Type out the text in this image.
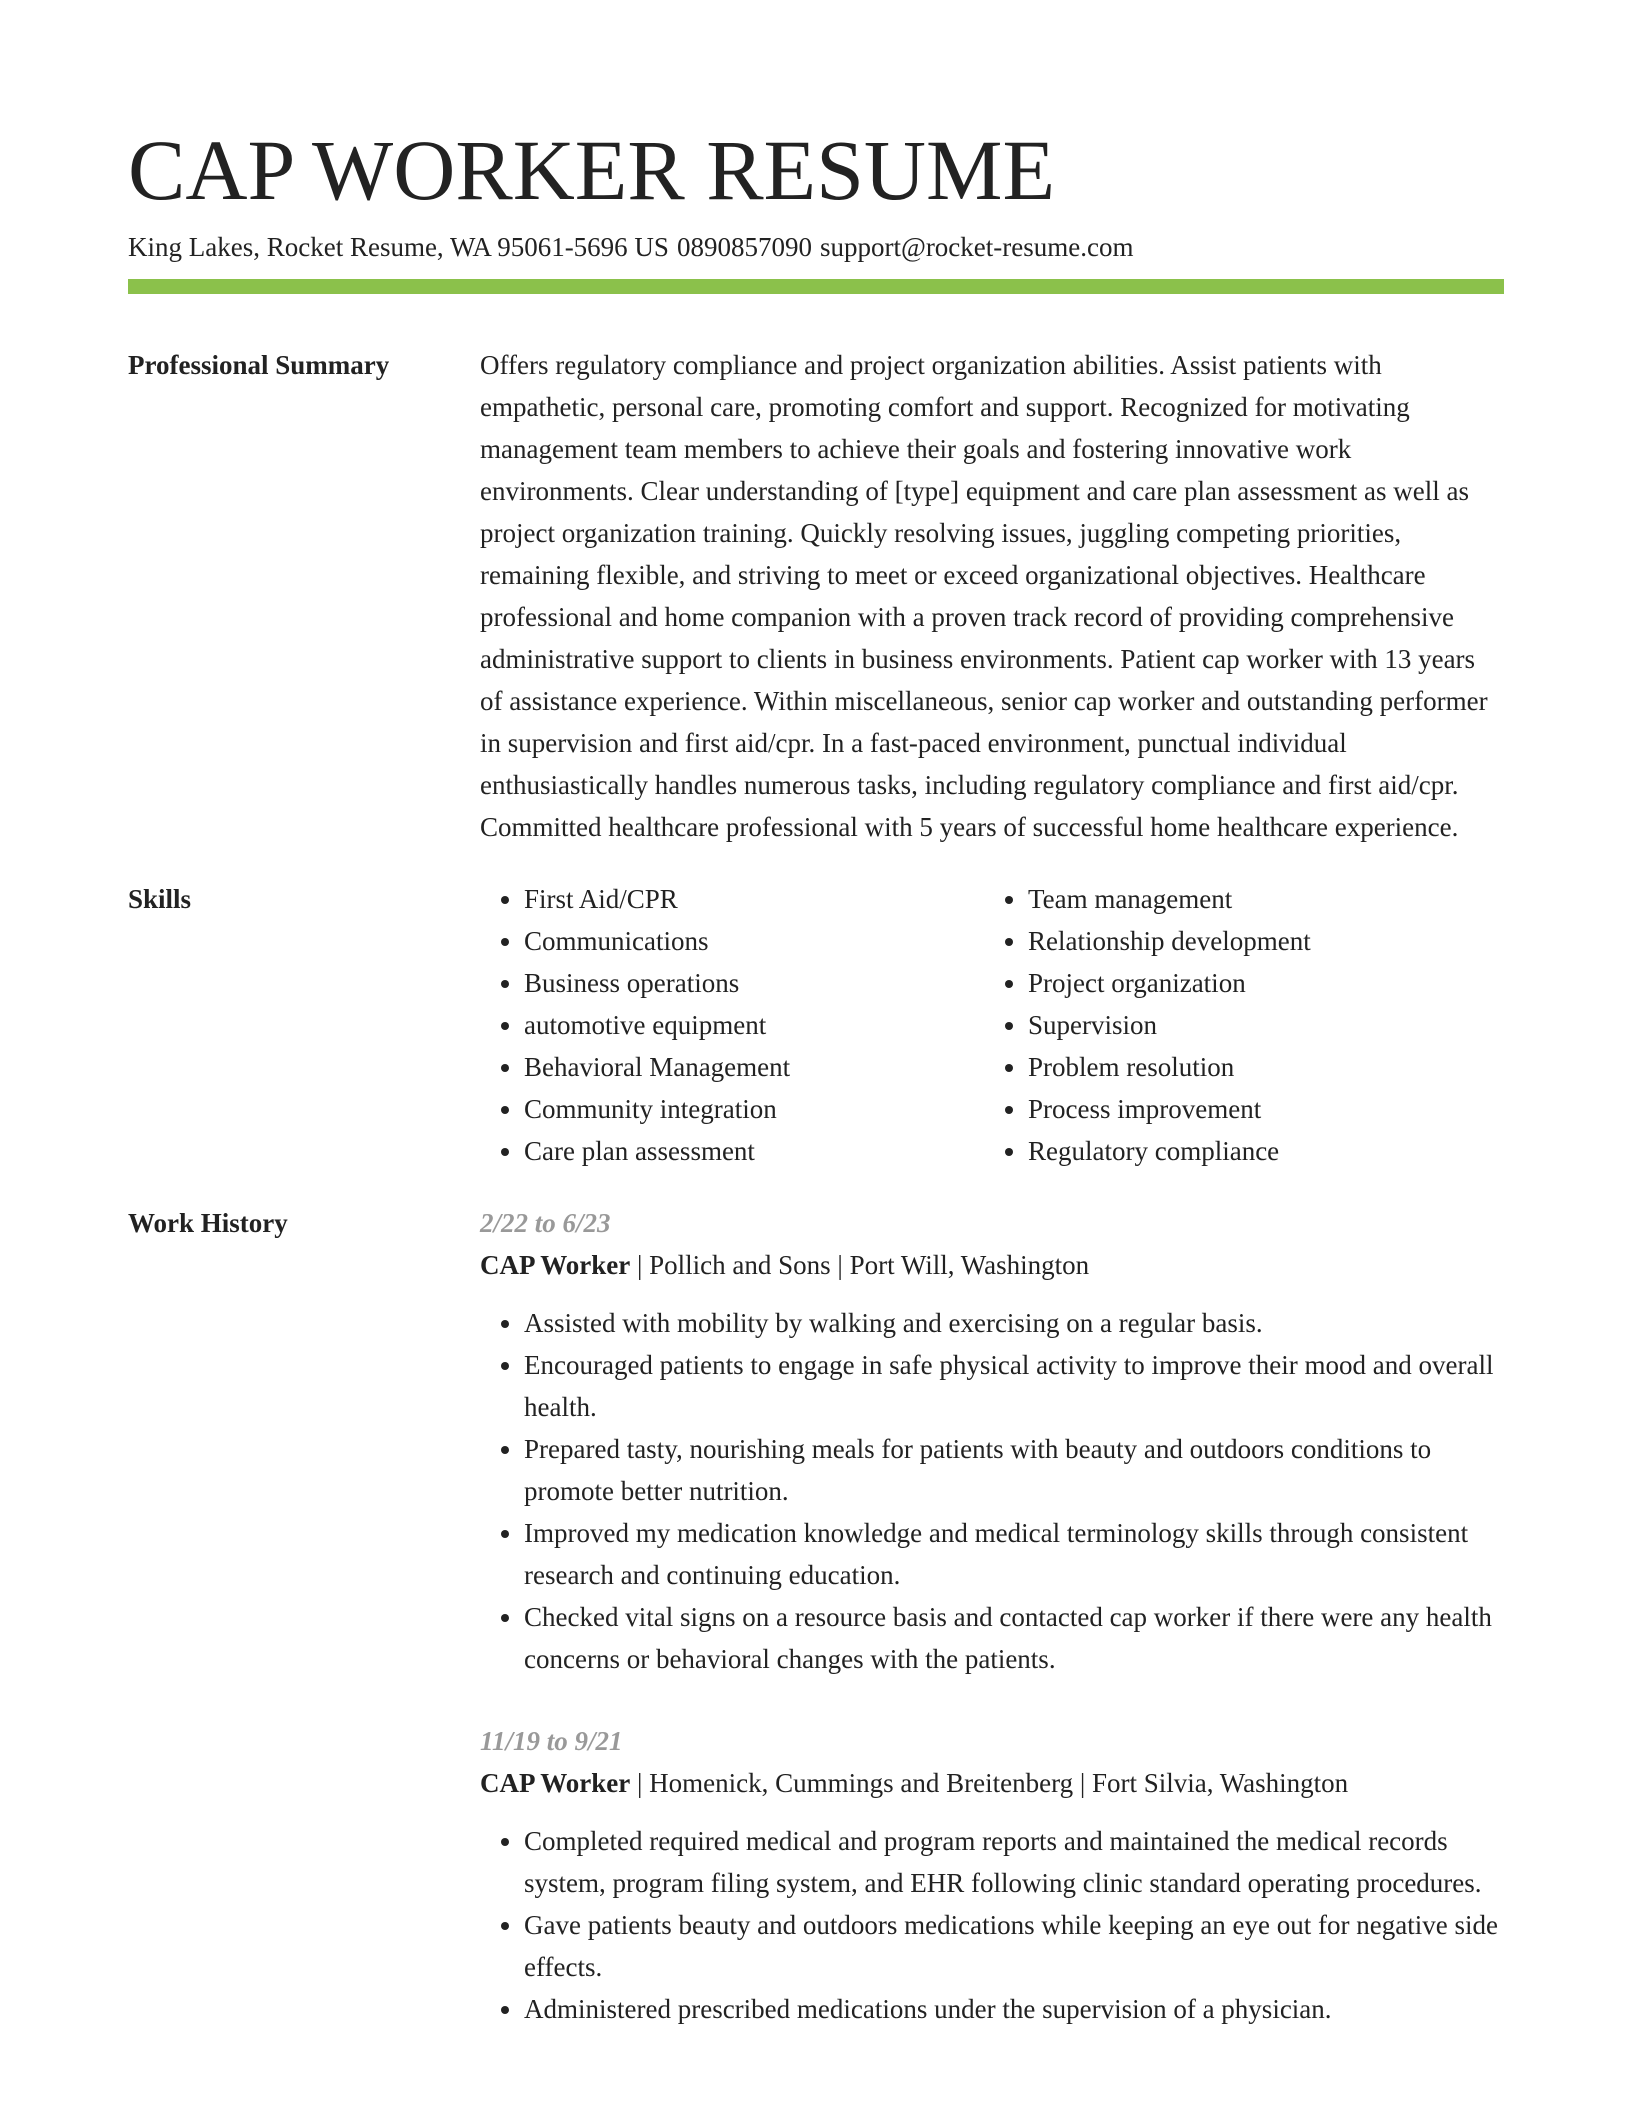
CAP WORKER RESUME
King Lakes, Rocket Resume, WA 95061-5696 US 0890857090 support@rocket-resume.com
Professional Summary	Offers regulatory compliance and project organization abilities. Assist patients with empathetic, personal care, promoting comfort and support. Recognized for motivating management team members to achieve their goals and fostering innovative work environments. Clear understanding of [type] equipment and care plan assessment as well as project organization training. Quickly resolving issues, juggling competing priorities, remaining flexible, and striving to meet or exceed organizational objectives. Healthcare professional and home companion with a proven track record of providing comprehensive administrative support to clients in business environments. Patient cap worker with 13 years of assistance experience. Within miscellaneous, senior cap worker and outstanding performer in supervision and first aid/cpr. In a fast-paced environment, punctual individual enthusiastically handles numerous tasks, including regulatory compliance and first aid/cpr. Committed healthcare professional with 5 years of successful home healthcare experience.

Skills
•	First Aid/CPR
• Communications
• Business operations
• automotive equipment
• Behavioral Management
• Community integration
• Care plan assessment
• Team management
• Relationship development
• Project organization
• Supervision
• Problem resolution
• Process improvement
• Regulatory compliance
Work History	2/22 to 6/23
CAP Worker | Pollich and Sons | Port Will, Washington
• Assisted with mobility by walking and exercising on a regular basis.
• Encouraged patients to engage in safe physical activity to improve their mood and overall health.
• Prepared tasty, nourishing meals for patients with beauty and outdoors conditions to promote better nutrition.
• Improved my medication knowledge and medical terminology skills through consistent research and continuing education.
• Checked vital signs on a resource basis and contacted cap worker if there were any health concerns or behavioral changes with the patients.
11/19 to 9/21
CAP Worker | Homenick, Cummings and Breitenberg | Fort Silvia, Washington
• Completed required medical and program reports and maintained the medical records system, program filing system, and EHR following clinic standard operating procedures.
• Gave patients beauty and outdoors medications while keeping an eye out for negative side effects.
• Administered prescribed medications under the supervision of a physician.
